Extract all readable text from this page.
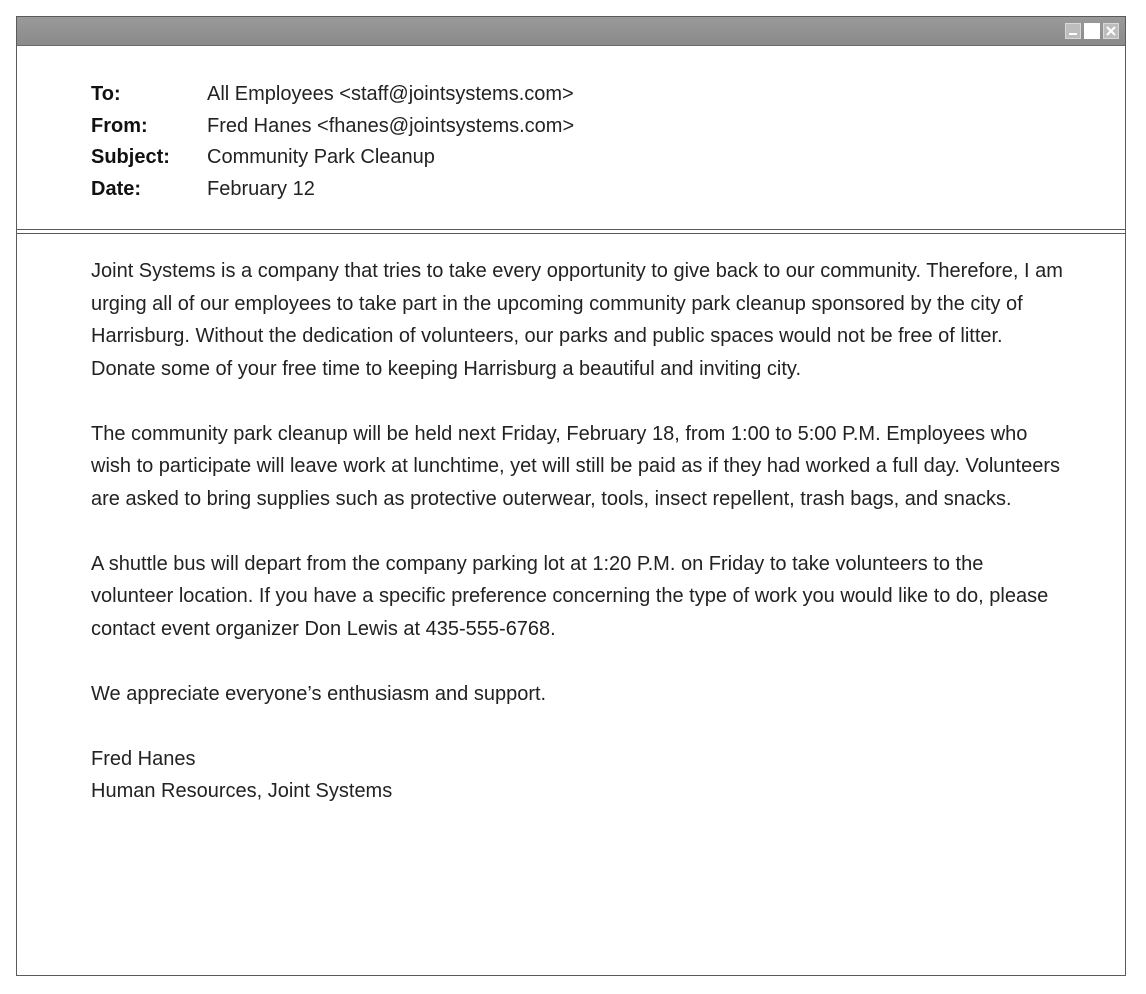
To:	All Employees <staff@jointsystems.com>
From:	Fred Hanes <fhanes@jointsystems.com>
Subject:	Community Park Cleanup
Date:	February 12

Joint Systems is a company that tries to take every opportunity to give back to our community. Therefore, I am urging all of our employees to take part in the upcoming community park cleanup sponsored by the city of Harrisburg. Without the dedication of volunteers, our parks and public spaces would not be free of litter. Donate some of your free time to keeping Harrisburg a beautiful and inviting city.

The community park cleanup will be held next Friday, February 18, from 1:00 to 5:00 P.M. Employees who wish to participate will leave work at lunchtime, yet will still be paid as if they had worked a full day. Volunteers are asked to bring supplies such as protective outerwear, tools, insect repellent, trash bags, and snacks.

A shuttle bus will depart from the company parking lot at 1:20 P.M. on Friday to take volunteers to the volunteer location. If you have a specific preference concerning the type of work you would like to do, please contact event organizer Don Lewis at 435-555-6768.

We appreciate everyone’s enthusiasm and support.

Fred Hanes

Human Resources, Joint Systems
